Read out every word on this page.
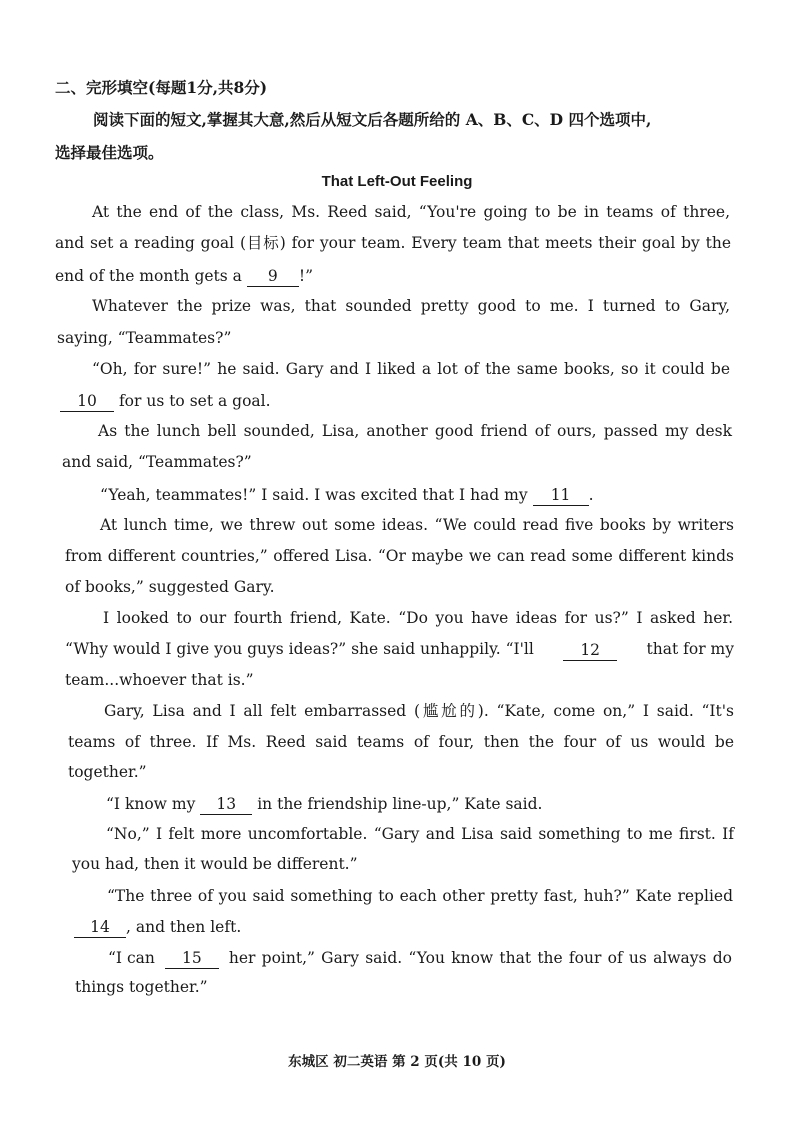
二、完形填空(每题1分,共8分)
阅读下面的短文,掌握其大意,然后从短文后各题所给的 A、B、C、D 四个选项中,
选择最佳选项。
That Left-Out Feeling
At the end of the class, Ms. Reed said, “You're going to be in teams of three,
and set a reading goal (目标) for your team. Every team that meets their goal by the
end of the month gets a 9 !”
Whatever the prize was, that sounded pretty good to me. I turned to Gary,
saying, “Teammates?”
“Oh, for sure!” he said. Gary and I liked a lot of the same books, so it could be
10 for us to set a goal.
As the lunch bell sounded, Lisa, another good friend of ours, passed my desk
and said, “Teammates?”
“Yeah, teammates!” I said. I was excited that I had my 11 .
At lunch time, we threw out some ideas. “We could read five books by writers
from different countries,” offered Lisa. “Or maybe we can read some different kinds
of books,” suggested Gary.
I looked to our fourth friend, Kate. “Do you have ideas for us?” I asked her.
“Why would I give you guys ideas?” she said unhappily. “I'll	12	that for my
team...whoever that is.”
Gary, Lisa and I all felt embarrassed (尴尬的). “Kate, come on,” I said. “It's
teams of three. If Ms. Reed said teams of four, then the four of us would be
together.”
“I know my 13 in the friendship line-up,” Kate said.
“No,” I felt more uncomfortable. “Gary and Lisa said something to me first. If
you had, then it would be different.”
“The three of you said something to each other pretty fast, huh?” Kate replied
14 , and then left.
“I can	15	her point,” Gary said. “You know that the four of us always do
things together.”
东城区 初二英语 第 2 页(共 10 页)
